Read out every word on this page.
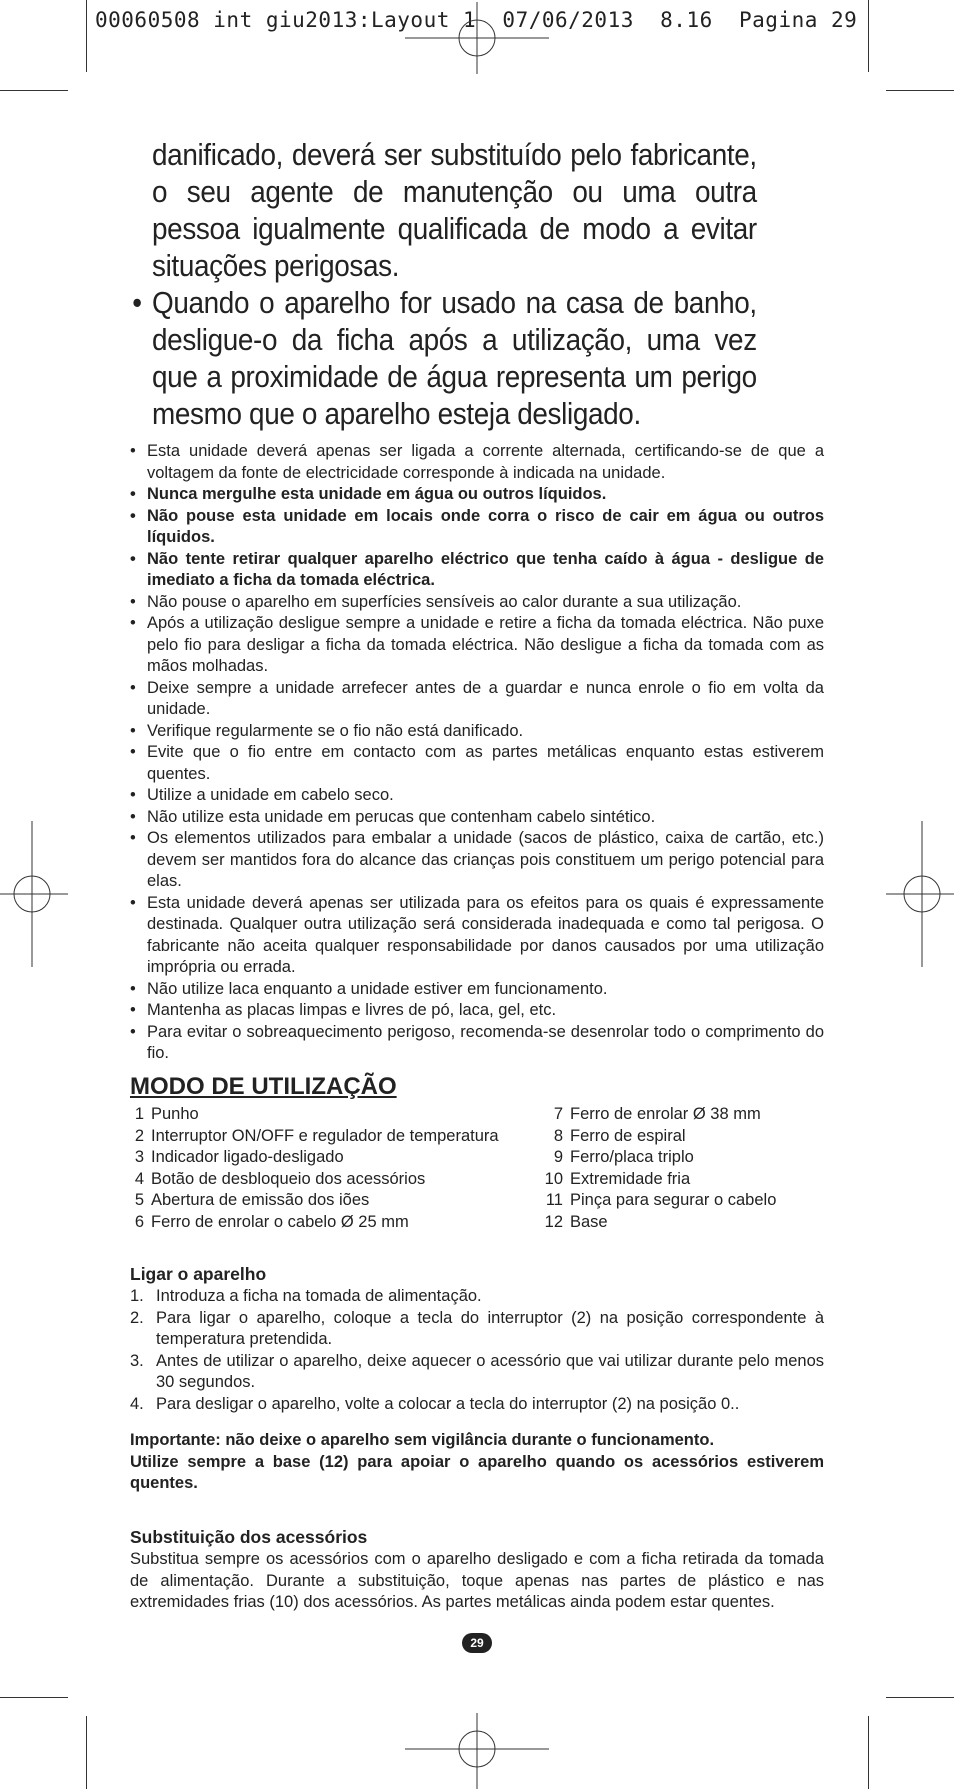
00060508 int giu2013:Layout 1  07/06/2013  8.16  Pagina 29

danificado, deverá ser substituído pelo fabricante, o seu agente de manutenção ou uma outra pessoa igualmente qualificada de modo a evitar situações perigosas.

• Quando o aparelho for usado na casa de banho, desligue-o da ficha após a utilização, uma vez que a proximidade de água representa um perigo mesmo que o aparelho esteja desligado.

• Esta unidade deverá apenas ser ligada a corrente alternada, certificando-se de que a voltagem da fonte de electricidade corresponde à indicada na unidade.
• Nunca mergulhe esta unidade em água ou outros líquidos.
• Não pouse esta unidade em locais onde corra o risco de cair em água ou outros líquidos.
• Não tente retirar qualquer aparelho eléctrico que tenha caído à água - desligue de imediato a ficha da tomada eléctrica.
• Não pouse o aparelho em superfícies sensíveis ao calor durante a sua utilização.
• Após a utilização desligue sempre a unidade e retire a ficha da tomada eléctrica. Não puxe pelo fio para desligar a ficha da tomada eléctrica. Não desligue a ficha da tomada com as mãos molhadas.
• Deixe sempre a unidade arrefecer antes de a guardar e nunca enrole o fio em volta da unidade.
• Verifique regularmente se o fio não está danificado.
• Evite que o fio entre em contacto com as partes metálicas enquanto estas estiverem quentes.
• Utilize a unidade em cabelo seco.
• Não utilize esta unidade em perucas que contenham cabelo sintético.
• Os elementos utilizados para embalar a unidade (sacos de plástico, caixa de cartão, etc.) devem ser mantidos fora do alcance das crianças pois constituem um perigo potencial para elas.
• Esta unidade deverá apenas ser utilizada para os efeitos para os quais é expressamente destinada. Qualquer outra utilização será considerada inadequada e como tal perigosa. O fabricante não aceita qualquer responsabilidade por danos causados por uma utilização imprópria ou errada.
• Não utilize laca enquanto a unidade estiver em funcionamento.
• Mantenha as placas limpas e livres de pó, laca, gel, etc.
• Para evitar o sobreaquecimento perigoso, recomenda-se desenrolar todo o comprimento do fio.
MODO DE UTILIZAÇÃO
1 Punho
2 Interruptor ON/OFF e regulador de temperatura
3 Indicador ligado-desligado
4 Botão de desbloqueio dos acessórios
5 Abertura de emissão dos iões
6 Ferro de enrolar o cabelo Ø 25 mm
7 Ferro de enrolar Ø 38 mm
8 Ferro de espiral
9 Ferro/placa triplo
10 Extremidade fria
11 Pinça para segurar o cabelo
12 Base
Ligar o aparelho
1. Introduza a ficha na tomada de alimentação.
2. Para ligar o aparelho, coloque a tecla do interruptor (2) na posição correspondente à temperatura pretendida.
3. Antes de utilizar o aparelho, deixe aquecer o acessório que vai utilizar durante pelo menos 30 segundos.
4. Para desligar o aparelho, volte a colocar a tecla do interruptor (2) na posição 0..
Importante: não deixe o aparelho sem vigilância durante o funcionamento.
Utilize sempre a base (12) para apoiar o aparelho quando os acessórios estiverem quentes.
Substituição dos acessórios
Substitua sempre os acessórios com o aparelho desligado e com a ficha retirada da tomada de alimentação. Durante a substituição, toque apenas nas partes de plástico e nas extremidades frias (10) dos acessórios. As partes metálicas ainda podem estar quentes.
29
